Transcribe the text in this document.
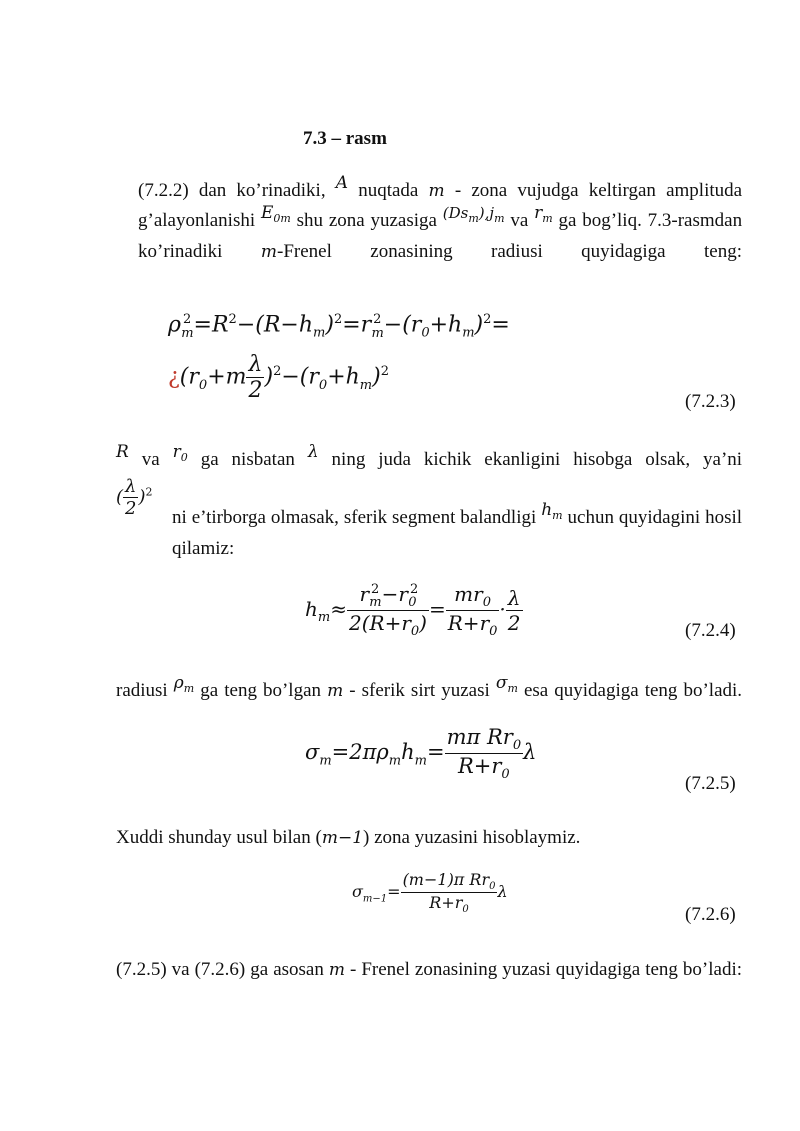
7.3 – rasm
(7.2.2) dan ko’rinadiki, A nuqtada m - zona vujudga keltirgan amplituda g’alayonlanishi $E_{0m}$ shu zona yuzasiga $^{(Ds_m),j_m}$ va $r_m$ ga bog’liq. 7.3-rasmdan ko’rinadiki m-Frenel zonasining radiusi quyidagiga teng:
ρ $^2_m=R^2-(R-h_m)^2=r$ $^2_m-(r_0+h_m)^2=$
¿$(r_0+m \frac{\lambda}{2} )^2-(r_0+h_m)^2$
(7.2.3)
R va $r_0$ ga nisbatan λ ning juda kichik ekanligini hisobga olsak, ya’ni
( $\frac{\lambda}{2} )^2$
ni e’tirborga olmasak, sferik segment balandligi $h_m$ uchun quyidagini hosil qilamiz:
$h_m\approx \frac{r ^2_m-r ^2_0}{2(R+r_0)} = \frac{mr_0}{R+r_0} \cdot \frac{\lambda}{2}$	(7.2.4)
radiusi $\rho_m$ ga teng bo’lgan m - sferik sirt yuzasi $\sigma_m$ esa quyidagiga teng bo’ladi.
$\sigma_m=2\pi\rho_mh_m= \frac{m\pi Rr_0}{R+r_0}$ λ
(7.2.5)
Xuddi shunday usul bilan (m−1) zona yuzasini hisoblaymiz.
$\sigma_{m-1}= \frac{(m-1)\pi Rr_0}{R+r_0}$ λ
(7.2.6)
(7.2.5) va (7.2.6) ga asosan m - Frenel zonasining yuzasi quyidagiga teng bo’ladi:
